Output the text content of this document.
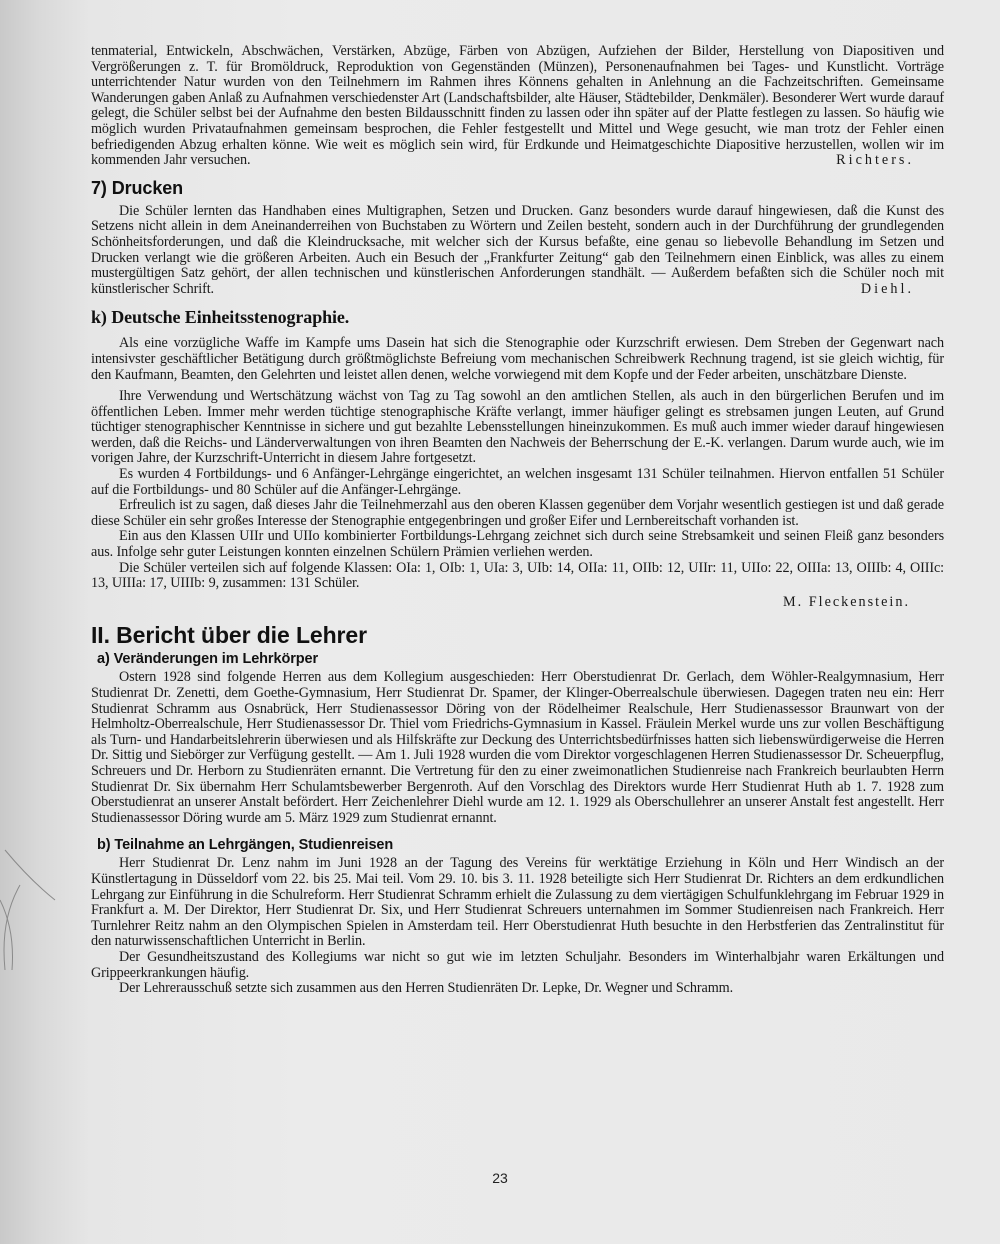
tenmaterial, Entwickeln, Abschwächen, Verstärken, Abzüge, Färben von Abzügen, Aufziehen der Bilder, Herstellung von Diapositiven und Vergrößerungen z. T. für Bromöldruck, Reproduktion von Gegenständen (Münzen), Personenaufnahmen bei Tages- und Kunstlicht. Vorträge unterrichtender Natur wurden von den Teilnehmern im Rahmen ihres Könnens gehalten in Anlehnung an die Fachzeitschriften. Gemeinsame Wanderungen gaben Anlaß zu Aufnahmen verschiedenster Art (Landschaftsbilder, alte Häuser, Städtebilder, Denkmäler). Besonderer Wert wurde darauf gelegt, die Schüler selbst bei der Aufnahme den besten Bildausschnitt finden zu lassen oder ihn später auf der Platte festlegen zu lassen. So häufig wie möglich wurden Privataufnahmen gemeinsam besprochen, die Fehler festgestellt und Mittel und Wege gesucht, wie man trotz der Fehler einen befriedigenden Abzug erhalten könne. Wie weit es möglich sein wird, für Erdkunde und Heimatgeschichte Diapositive herzustellen, wollen wir im kommenden Jahr versuchen.	Richters.
7) Drucken

Die Schüler lernten das Handhaben eines Multigraphen, Setzen und Drucken. Ganz besonders wurde darauf hingewiesen, daß die Kunst des Setzens nicht allein in dem Aneinanderreihen von Buchstaben zu Wörtern und Zeilen besteht, sondern auch in der Durchführung der grundlegenden Schönheitsforderungen, und daß die Kleindrucksache, mit welcher sich der Kursus befaßte, eine genau so liebevolle Behandlung im Setzen und Drucken verlangt wie die größeren Arbeiten. Auch ein Besuch der „Frankfurter Zeitung“ gab den Teilnehmern einen Einblick, was alles zu einem mustergültigen Satz gehört, der allen technischen und künstlerischen Anforderungen standhält. — Außerdem befaßten sich die Schüler noch mit künstlerischer Schrift.	Diehl.
k) Deutsche Einheitsstenographie.

Als eine vorzügliche Waffe im Kampfe ums Dasein hat sich die Stenographie oder Kurzschrift erwiesen. Dem Streben der Gegenwart nach intensivster geschäftlicher Betätigung durch größtmöglichste Befreiung vom mechanischen Schreibwerk Rechnung tragend, ist sie gleich wichtig, für den Kaufmann, Beamten, den Gelehrten und leistet allen denen, welche vorwiegend mit dem Kopfe und der Feder arbeiten, unschätzbare Dienste.

Ihre Verwendung und Wertschätzung wächst von Tag zu Tag sowohl an den amtlichen Stellen, als auch in den bürgerlichen Berufen und im öffentlichen Leben. Immer mehr werden tüchtige stenographische Kräfte verlangt, immer häufiger gelingt es strebsamen jungen Leuten, auf Grund tüchtiger stenographischer Kenntnisse in sichere und gut bezahlte Lebensstellungen hineinzukommen. Es muß auch immer wieder darauf hingewiesen werden, daß die Reichs- und Länderverwaltungen von ihren Beamten den Nachweis der Beherrschung der E.-K. verlangen. Darum wurde auch, wie im vorigen Jahre, der Kurzschrift-Unterricht in diesem Jahre fortgesetzt.

Es wurden 4 Fortbildungs- und 6 Anfänger-Lehrgänge eingerichtet, an welchen insgesamt 131 Schüler teilnahmen. Hiervon entfallen 51 Schüler auf die Fortbildungs- und 80 Schüler auf die Anfänger-Lehrgänge.

Erfreulich ist zu sagen, daß dieses Jahr die Teilnehmerzahl aus den oberen Klassen gegenüber dem Vorjahr wesentlich gestiegen ist und daß gerade diese Schüler ein sehr großes Interesse der Stenographie entgegenbringen und großer Eifer und Lernbereitschaft vorhanden ist.

Ein aus den Klassen UIIr und UIIo kombinierter Fortbildungs-Lehrgang zeichnet sich durch seine Strebsamkeit und seinen Fleiß ganz besonders aus. Infolge sehr guter Leistungen konnten einzelnen Schülern Prämien verliehen werden.

Die Schüler verteilen sich auf folgende Klassen: OIa: 1, OIb: 1, UIa: 3, UIb: 14, OIIa: 11, OIIb: 12, UIIr: 11, UIIo: 22, OIIIa: 13, OIIIb: 4, OIIIc: 13, UIIIa: 17, UIIIb: 9, zusammen: 131 Schüler.

M. Fleckenstein.
II. Bericht über die Lehrer
a) Veränderungen im Lehrkörper

Ostern 1928 sind folgende Herren aus dem Kollegium ausgeschieden: Herr Oberstudienrat Dr. Gerlach, dem Wöhler-Realgymnasium, Herr Studienrat Dr. Zenetti, dem Goethe-Gymnasium, Herr Studienrat Dr. Spamer, der Klinger-Oberrealschule überwiesen. Dagegen traten neu ein: Herr Studienrat Schramm aus Osnabrück, Herr Studienassessor Döring von der Rödelheimer Realschule, Herr Studienassessor Braunwart von der Helmholtz-Oberrealschule, Herr Studienassessor Dr. Thiel vom Friedrichs-Gymnasium in Kassel. Fräulein Merkel wurde uns zur vollen Beschäftigung als Turn- und Handarbeitslehrerin überwiesen und als Hilfskräfte zur Deckung des Unterrichtsbedürfnisses hatten sich liebenswürdigerweise die Herren Dr. Sittig und Siebörger zur Verfügung gestellt. — Am 1. Juli 1928 wurden die vom Direktor vorgeschlagenen Herren Studienassessor Dr. Scheuerpflug, Schreuers und Dr. Herborn zu Studienräten ernannt. Die Vertretung für den zu einer zweimonatlichen Studienreise nach Frankreich beurlaubten Herrn Studienrat Dr. Six übernahm Herr Schulamtsbewerber Bergenroth. Auf den Vorschlag des Direktors wurde Herr Studienrat Huth ab 1. 7. 1928 zum Oberstudienrat an unserer Anstalt befördert. Herr Zeichenlehrer Diehl wurde am 12. 1. 1929 als Oberschullehrer an unserer Anstalt fest angestellt. Herr Studienassessor Döring wurde am 5. März 1929 zum Studienrat ernannt.

b) Teilnahme an Lehrgängen, Studienreisen

Herr Studienrat Dr. Lenz nahm im Juni 1928 an der Tagung des Vereins für werktätige Erziehung in Köln und Herr Windisch an der Künstlertagung in Düsseldorf vom 22. bis 25. Mai teil. Vom 29. 10. bis 3. 11. 1928 beteiligte sich Herr Studienrat Dr. Richters an dem erdkundlichen Lehrgang zur Einführung in die Schulreform. Herr Studienrat Schramm erhielt die Zulassung zu dem viertägigen Schulfunklehrgang im Februar 1929 in Frankfurt a. M. Der Direktor, Herr Studienrat Dr. Six, und Herr Studienrat Schreuers unternahmen im Sommer Studienreisen nach Frankreich. Herr Turnlehrer Reitz nahm an den Olympischen Spielen in Amsterdam teil. Herr Oberstudienrat Huth besuchte in den Herbstferien das Zentralinstitut für den naturwissenschaftlichen Unterricht in Berlin.

Der Gesundheitszustand des Kollegiums war nicht so gut wie im letzten Schuljahr. Besonders im Winterhalbjahr waren Erkältungen und Grippeerkrankungen häufig.

Der Lehrerausschuß setzte sich zusammen aus den Herren Studienräten Dr. Lepke, Dr. Wegner und Schramm.

23
